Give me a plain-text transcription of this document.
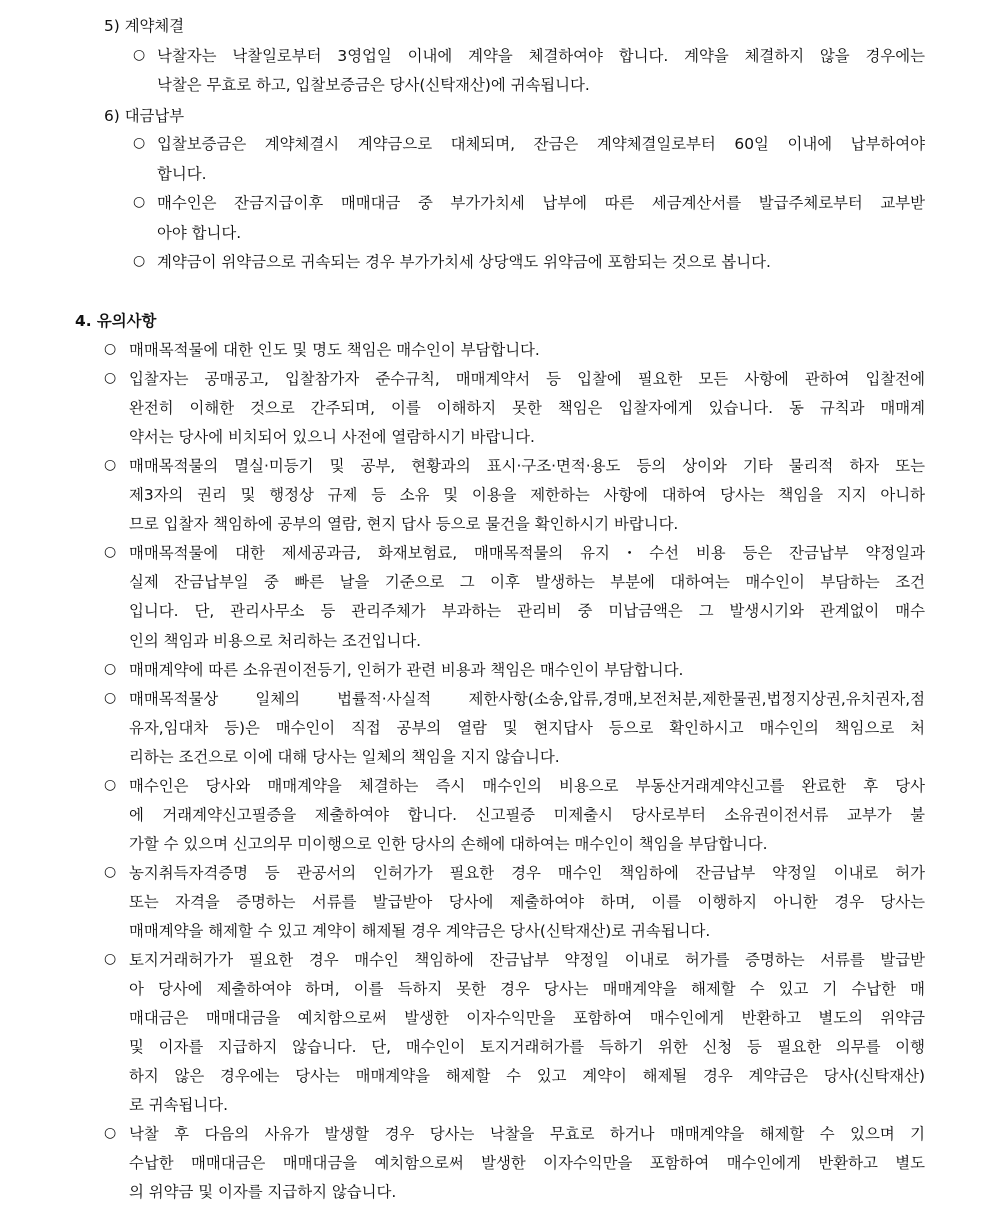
5) 계약체결
○ 낙찰자는 낙찰일로부터 3영업일 이내에 계약을 체결하여야 합니다. 계약을 체결하지 않을 경우에는
낙찰은 무효로 하고, 입찰보증금은 당사(신탁재산)에 귀속됩니다.
6) 대금납부
○ 입찰보증금은 계약체결시 계약금으로 대체되며, 잔금은 계약체결일로부터 60일 이내에 납부하여야
합니다.
○ 매수인은 잔금지급이후 매매대금 중 부가가치세 납부에 따른 세금계산서를 발급주체로부터 교부받
아야 합니다.
○ 계약금이 위약금으로 귀속되는 경우 부가가치세 상당액도 위약금에 포함되는 것으로 봅니다.
4. 유의사항
○ 매매목적물에 대한 인도 및 명도 책임은 매수인이 부담합니다.
○ 입찰자는 공매공고, 입찰참가자 준수규칙, 매매계약서 등 입찰에 필요한 모든 사항에 관하여 입찰전에
완전히 이해한 것으로 간주되며, 이를 이해하지 못한 책임은 입찰자에게 있습니다. 동 규칙과 매매계
약서는 당사에 비치되어 있으니 사전에 열람하시기 바랍니다.
○ 매매목적물의 멸실·미등기 및 공부, 현황과의 표시·구조·면적·용도 등의 상이와 기타 물리적 하자 또는
제3자의 권리 및 행정상 규제 등 소유 및 이용을 제한하는 사항에 대하여 당사는 책임을 지지 아니하
므로 입찰자 책임하에 공부의 열람, 현지 답사 등으로 물건을 확인하시기 바랍니다.
○ 매매목적물에 대한 제세공과금, 화재보험료, 매매목적물의 유지・수선 비용 등은 잔금납부 약정일과
실제 잔금납부일 중 빠른 날을 기준으로 그 이후 발생하는 부분에 대하여는 매수인이 부담하는 조건
입니다. 단, 관리사무소 등 관리주체가 부과하는 관리비 중 미납금액은 그 발생시기와 관계없이 매수
인의 책임과 비용으로 처리하는 조건입니다.
○ 매매계약에 따른 소유권이전등기, 인허가 관련 비용과 책임은 매수인이 부담합니다.
○ 매매목적물상 일체의 법률적·사실적 제한사항(소송,압류,경매,보전처분,제한물권,법정지상권,유치권자,점
유자,임대차 등)은 매수인이 직접 공부의 열람 및 현지답사 등으로 확인하시고 매수인의 책임으로 처
리하는 조건으로 이에 대해 당사는 일체의 책임을 지지 않습니다.
○ 매수인은 당사와 매매계약을 체결하는 즉시 매수인의 비용으로 부동산거래계약신고를 완료한 후 당사
에 거래계약신고필증을 제출하여야 합니다. 신고필증 미제출시 당사로부터 소유권이전서류 교부가 불
가할 수 있으며 신고의무 미이행으로 인한 당사의 손해에 대하여는 매수인이 책임을 부담합니다.
○ 농지취득자격증명 등 관공서의 인허가가 필요한 경우 매수인 책임하에 잔금납부 약정일 이내로 허가
또는 자격을 증명하는 서류를 발급받아 당사에 제출하여야 하며, 이를 이행하지 아니한 경우 당사는
매매계약을 해제할 수 있고 계약이 해제될 경우 계약금은 당사(신탁재산)로 귀속됩니다.
○ 토지거래허가가 필요한 경우 매수인 책임하에 잔금납부 약정일 이내로 허가를 증명하는 서류를 발급받
아 당사에 제출하여야 하며, 이를 득하지 못한 경우 당사는 매매계약을 해제할 수 있고 기 수납한 매
매대금은 매매대금을 예치함으로써 발생한 이자수익만을 포함하여 매수인에게 반환하고 별도의 위약금
및 이자를 지급하지 않습니다. 단, 매수인이 토지거래허가를 득하기 위한 신청 등 필요한 의무를 이행
하지 않은 경우에는 당사는 매매계약을 해제할 수 있고 계약이 해제될 경우 계약금은 당사(신탁재산)
로 귀속됩니다.
○ 낙찰 후 다음의 사유가 발생할 경우 당사는 낙찰을 무효로 하거나 매매계약을 해제할 수 있으며 기
수납한 매매대금은 매매대금을 예치함으로써 발생한 이자수익만을 포함하여 매수인에게 반환하고 별도
의 위약금 및 이자를 지급하지 않습니다.
